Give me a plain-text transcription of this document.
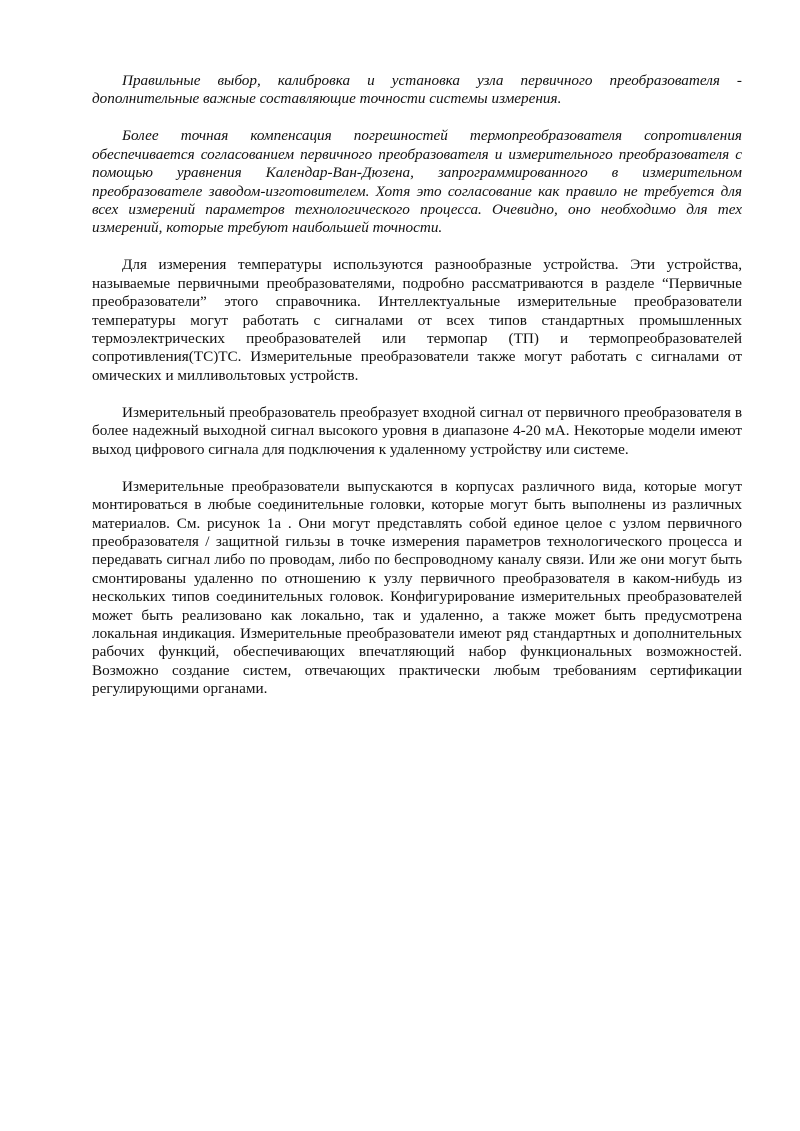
Правильные выбор, калибровка и установка узла первичного преобразователя - дополнительные важные составляющие точности системы измерения.

Более точная компенсация погрешностей термопреобразователя сопротивления обеспечивается согласованием первичного преобразователя и измерительного преобразователя с помощью уравнения Календар-Ван-Дюзена, запрограммированного в измерительном преобразователе заводом-изготовителем. Хотя это согласование как правило не требуется для всех измерений параметров технологического процесса. Очевидно, оно необходимо для тех измерений, которые требуют наибольшей точности.

Для измерения температуры используются разнообразные устройства. Эти устройства, называемые первичными преобразователями, подробно рассматриваются в разделе “Первичные преобразователи” этого справочника. Интеллектуальные измерительные преобразователи температуры могут работать с сигналами от всех типов стандартных промышленных термоэлектрических преобразователей или термопар (ТП) и термопреобразователей сопротивления(ТС)ТС. Измерительные преобразователи также могут работать с сигналами от омических и милливольтовых устройств.

Измерительный преобразователь преобразует входной сигнал от первичного преобразователя в более надежный выходной сигнал высокого уровня в диапазоне 4-20 мА. Некоторые модели имеют выход цифрового сигнала для подключения к удаленному устройству или системе.

Измерительные преобразователи выпускаются в корпусах различного вида, которые могут монтироваться в любые соединительные головки, которые могут быть выполнены из различных материалов. См. рисунок 1а . Они могут представлять собой единое целое с узлом первичного преобразователя / защитной гильзы в точке измерения параметров технологического процесса и передавать сигнал либо по проводам, либо по беспроводному каналу связи. Или же они могут быть смонтированы удаленно по отношению к узлу первичного преобразователя в каком-нибудь из нескольких типов соединительных головок. Конфигурирование измерительных преобразователей может быть реализовано как локально, так и удаленно, а также может быть предусмотрена локальная индикация. Измерительные преобразователи имеют ряд стандартных и дополнительных рабочих функций, обеспечивающих впечатляющий набор функциональных возможностей. Возможно создание систем, отвечающих практически любым требованиям сертификации регулирующими органами.
